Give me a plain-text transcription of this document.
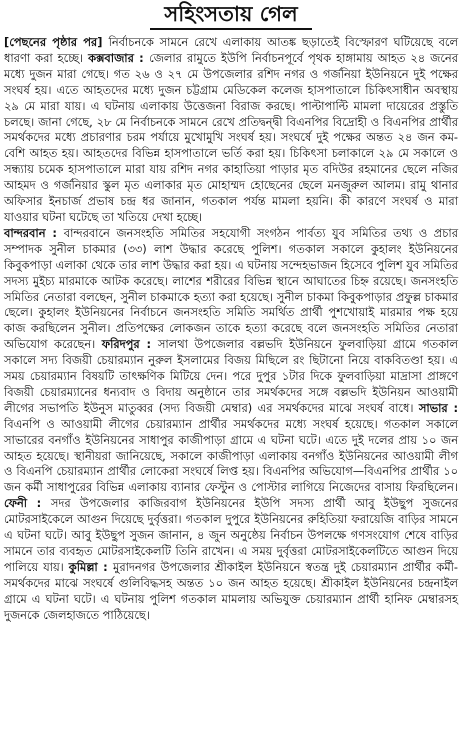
সহিংসতায় গেল

[পেছনের পৃষ্ঠার পর] নির্বাচনকে সামনে রেখে এলাকায় আতঙ্ক ছড়াতেই বিস্ফোরণ ঘটিয়েছে বলে ধারণা করা হচ্ছে। কক্সবাজার : জেলার রামুতে ইউপি নির্বাচনপূর্বে পৃথক হাঙ্গামায় আহত ২৪ জনের মধ্যে দুজন মারা গেছে। গত ২৬ ও ২৭ মে উপজেলার রশিদ নগর ও গর্জনিয়া ইউনিয়নে দুই পক্ষের সংঘর্ষ হয়। এতে আহতদের মধ্যে দুজন চট্টগ্রাম মেডিকেল কলেজ হাসপাতালে চিকিৎসাধীন অবস্থায় ২৯ মে মারা যায়। এ ঘটনায় এলাকায় উত্তেজনা বিরাজ করছে। পাল্টাপাল্টি মামলা দায়েরের প্রস্তুতি চলছে। জানা গেছে, ২৮ মে নির্বাচনকে সামনে রেখে প্রতিদ্বন্দ্বী বিএনপির বিদ্রোহী ও বিএনপির প্রার্থীর সমর্থকদের মধ্যে প্রচারণার চরম পর্যায়ে মুখোমুখি সংঘর্ষ হয়। সংঘর্ষে দুই পক্ষের অন্তত ২৪ জন কম-বেশি আহত হয়। আহতদের বিভিন্ন হাসপাতালে ভর্তি করা হয়। চিকিৎসা চলাকালে ২৯ মে সকালে ও সন্ধ্যায় চমেক হাসপাতালে মারা যায় রশিদ নগর কাহাতিয়া পাড়ার মৃত বদিউর রহমানের ছেলে নজির আহমদ ও গর্জনিয়ার স্কুল মৃত এলাকার মৃত মোহাম্মদ হোছেনের ছেলে মনজুরুল আলম। রামু থানার অফিসার ইনচার্জ প্রভাষ চন্দ্র ধর জানান, গতকাল পর্যন্ত মামলা হয়নি। কী কারণে সংঘর্ষ ও মারা যাওয়ার ঘটনা ঘটেছে তা খতিয়ে দেখা হচ্ছে।

বান্দরবান : বান্দরবানে জনসংহতি সমিতির সহযোগী সংগঠন পার্বত্য যুব সমিতির তথ্য ও প্রচার সম্পাদক সুনীল চাকমার (৩৩) লাশ উদ্ধার করেছে পুলিশ। গতকাল সকালে কুহালং ইউনিয়নের কিবুকপাড়া এলাকা থেকে তার লাশ উদ্ধার করা হয়। এ ঘটনায় সন্দেহভাজন হিসেবে পুলিশ যুব সমিতির সদস্য মুইচ্য মারমাকে আটক করেছে। লাশের শরীরের বিভিন্ন স্থানে আঘাতের চিহ্ন রয়েছে। জনসংহতি সমিতির নেতারা বলছেন, সুনীল চাকমাকে হত্যা করা হয়েছে। সুনীল চাকমা কিবুকপাড়ার প্রফুল্ল চাকমার ছেলে। কুহালং ইউনিয়নের নির্বাচনে জনসংহতি সমিতি সমর্থিত প্রার্থী পুশখোয়াই মারমার পক্ষ হয়ে কাজ করছিলেন সুনীল। প্রতিপক্ষের লোকজন তাকে হত্যা করেছে বলে জনসংহতি সমিতির নেতারা অভিযোগ করেছেন। ফরিদপুর : সালথা উপজেলার বল্লভদি ইউনিয়নে ফুলবাড়িয়া গ্রামে গতকাল সকালে সদ্য বিজয়ী চেয়ারম্যান নুরুল ইসলামের বিজয় মিছিলে রং ছিটানো নিয়ে বাকবিতণ্ডা হয়। এ সময় চেয়ারম্যান বিষয়টি তাৎক্ষণিক মিটিয়ে দেন। পরে দুপুর ১টার দিকে ফুলবাড়িয়া মাদ্রাসা প্রাঙ্গণে বিজয়ী চেয়ারম্যানের ধন্যবাদ ও বিদায় অনুষ্ঠানে তার সমর্থকদের সঙ্গে বল্লভদি ইউনিয়ন আওয়ামী লীগের সভাপতি ইউনুস মাতুব্বর (সদ্য বিজয়ী মেম্বার) এর সমর্থকদের মাঝে সংঘর্ষ বাধে। সাভার : বিএনপি ও আওয়ামী লীগের চেয়ারম্যান প্রার্থীর সমর্থকদের মধ্যে সংঘর্ষ হয়েছে। গতকাল সকালে সাভারের বনগাঁও ইউনিয়নের সাধাপুর কাজীপাড়া গ্রামে এ ঘটনা ঘটে। এতে দুই দলের প্রায় ১০ জন আহত হয়েছে। স্থানীয়রা জানিয়েছে, সকালে কাজীপাড়া এলাকায় বনগাঁও ইউনিয়নের আওয়ামী লীগ ও বিএনপি চেয়ারম্যান প্রার্থীর লোকেরা সংঘর্ষে লিপ্ত হয়। বিএনপির অভিযোগ—বিএনপির প্রার্থীর ১০ জন কর্মী সাধাপুরের বিভিন্ন এলাকায় ব্যানার ফেস্টুন ও পোস্টার লাগিয়ে নিজেদের বাসায় ফিরছিলেন। ফেনী : সদর উপজেলার কাজিরবাগ ইউনিয়নের ইউপি সদস্য প্রার্থী আবু ইউছুপ সুজনের মোটরসাইকেলে আগুন দিয়েছে দুর্বৃত্তরা। গতকাল দুপুরে ইউনিয়নের রুহিতিয়া ফরায়েজি বাড়ির সামনে এ ঘটনা ঘটে। আবু ইউছুপ সুজন জানান, ৪ জুন অনুষ্ঠেয় নির্বাচন উপলক্ষে গণসংযোগ শেষে বাড়ির সামনে তার ব্যবহৃত মোটরসাইকেলটি তিনি রাখেন। এ সময় দুর্বৃত্তরা মোটরসাইকেলটিতে আগুন দিয়ে পালিয়ে যায়। কুমিল্লা : মুরাদনগর উপজেলার শ্রীকাইল ইউনিয়নে স্বতন্ত্র দুই চেয়ারম্যান প্রার্থীর কর্মী-সমর্থকদের মাঝে সংঘর্ষে গুলিবিদ্ধসহ অন্তত ১০ জন আহত হয়েছে। শ্রীকাইল ইউনিয়নের চন্দ্রনাইল গ্রামে এ ঘটনা ঘটে। এ ঘটনায় পুলিশ গতকাল মামলায় অভিযুক্ত চেয়ারম্যান প্রার্থী হানিফ মেম্বারসহ দুজনকে জেলহাজতে পাঠিয়েছে।
